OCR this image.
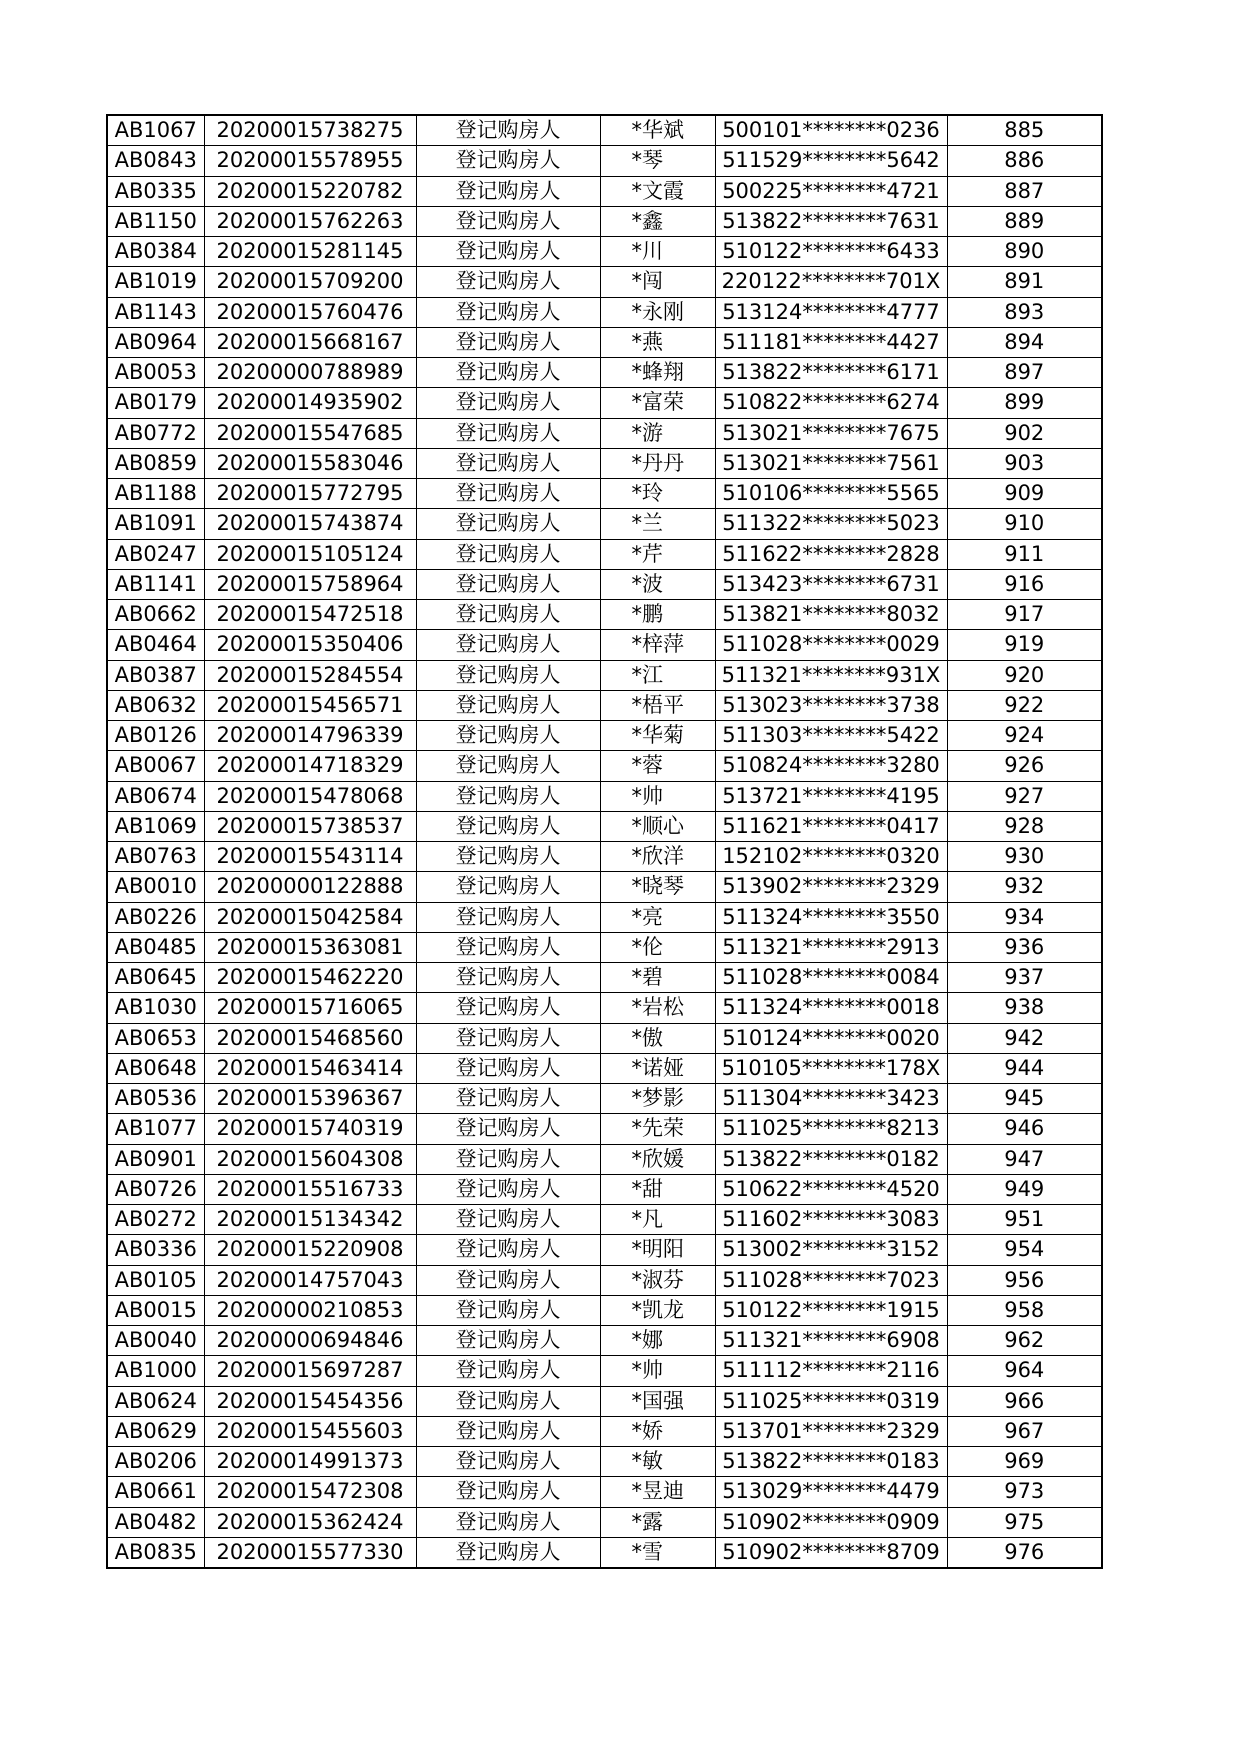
AB1067	20200015738275	登记购房人	*华斌	500101********0236	885
AB0843	20200015578955	登记购房人	*琴	511529********5642	886
AB0335	20200015220782	登记购房人	*文霞	500225********4721	887
AB1150	20200015762263	登记购房人	*鑫	513822********7631	889
AB0384	20200015281145	登记购房人	*川	510122********6433	890
AB1019	20200015709200	登记购房人	*闯	220122********701X	891
AB1143	20200015760476	登记购房人	*永刚	513124********4777	893
AB0964	20200015668167	登记购房人	*燕	511181********4427	894
AB0053	20200000788989	登记购房人	*蜂翔	513822********6171	897
AB0179	20200014935902	登记购房人	*富荣	510822********6274	899
AB0772	20200015547685	登记购房人	*游	513021********7675	902
AB0859	20200015583046	登记购房人	*丹丹	513021********7561	903
AB1188	20200015772795	登记购房人	*玲	510106********5565	909
AB1091	20200015743874	登记购房人	*兰	511322********5023	910
AB0247	20200015105124	登记购房人	*芹	511622********2828	911
AB1141	20200015758964	登记购房人	*波	513423********6731	916
AB0662	20200015472518	登记购房人	*鹏	513821********8032	917
AB0464	20200015350406	登记购房人	*梓萍	511028********0029	919
AB0387	20200015284554	登记购房人	*江	511321********931X	920
AB0632	20200015456571	登记购房人	*梧平	513023********3738	922
AB0126	20200014796339	登记购房人	*华菊	511303********5422	924
AB0067	20200014718329	登记购房人	*蓉	510824********3280	926
AB0674	20200015478068	登记购房人	*帅	513721********4195	927
AB1069	20200015738537	登记购房人	*顺心	511621********0417	928
AB0763	20200015543114	登记购房人	*欣洋	152102********0320	930
AB0010	20200000122888	登记购房人	*晓琴	513902********2329	932
AB0226	20200015042584	登记购房人	*亮	511324********3550	934
AB0485	20200015363081	登记购房人	*伦	511321********2913	936
AB0645	20200015462220	登记购房人	*碧	511028********0084	937
AB1030	20200015716065	登记购房人	*岩松	511324********0018	938
AB0653	20200015468560	登记购房人	*傲	510124********0020	942
AB0648	20200015463414	登记购房人	*诺娅	510105********178X	944
AB0536	20200015396367	登记购房人	*梦影	511304********3423	945
AB1077	20200015740319	登记购房人	*先荣	511025********8213	946
AB0901	20200015604308	登记购房人	*欣媛	513822********0182	947
AB0726	20200015516733	登记购房人	*甜	510622********4520	949
AB0272	20200015134342	登记购房人	*凡	511602********3083	951
AB0336	20200015220908	登记购房人	*明阳	513002********3152	954
AB0105	20200014757043	登记购房人	*淑芬	511028********7023	956
AB0015	20200000210853	登记购房人	*凯龙	510122********1915	958
AB0040	20200000694846	登记购房人	*娜	511321********6908	962
AB1000	20200015697287	登记购房人	*帅	511112********2116	964
AB0624	20200015454356	登记购房人	*国强	511025********0319	966
AB0629	20200015455603	登记购房人	*娇	513701********2329	967
AB0206	20200014991373	登记购房人	*敏	513822********0183	969
AB0661	20200015472308	登记购房人	*昱迪	513029********4479	973
AB0482	20200015362424	登记购房人	*露	510902********0909	975
AB0835	20200015577330	登记购房人	*雪	510902********8709	976
